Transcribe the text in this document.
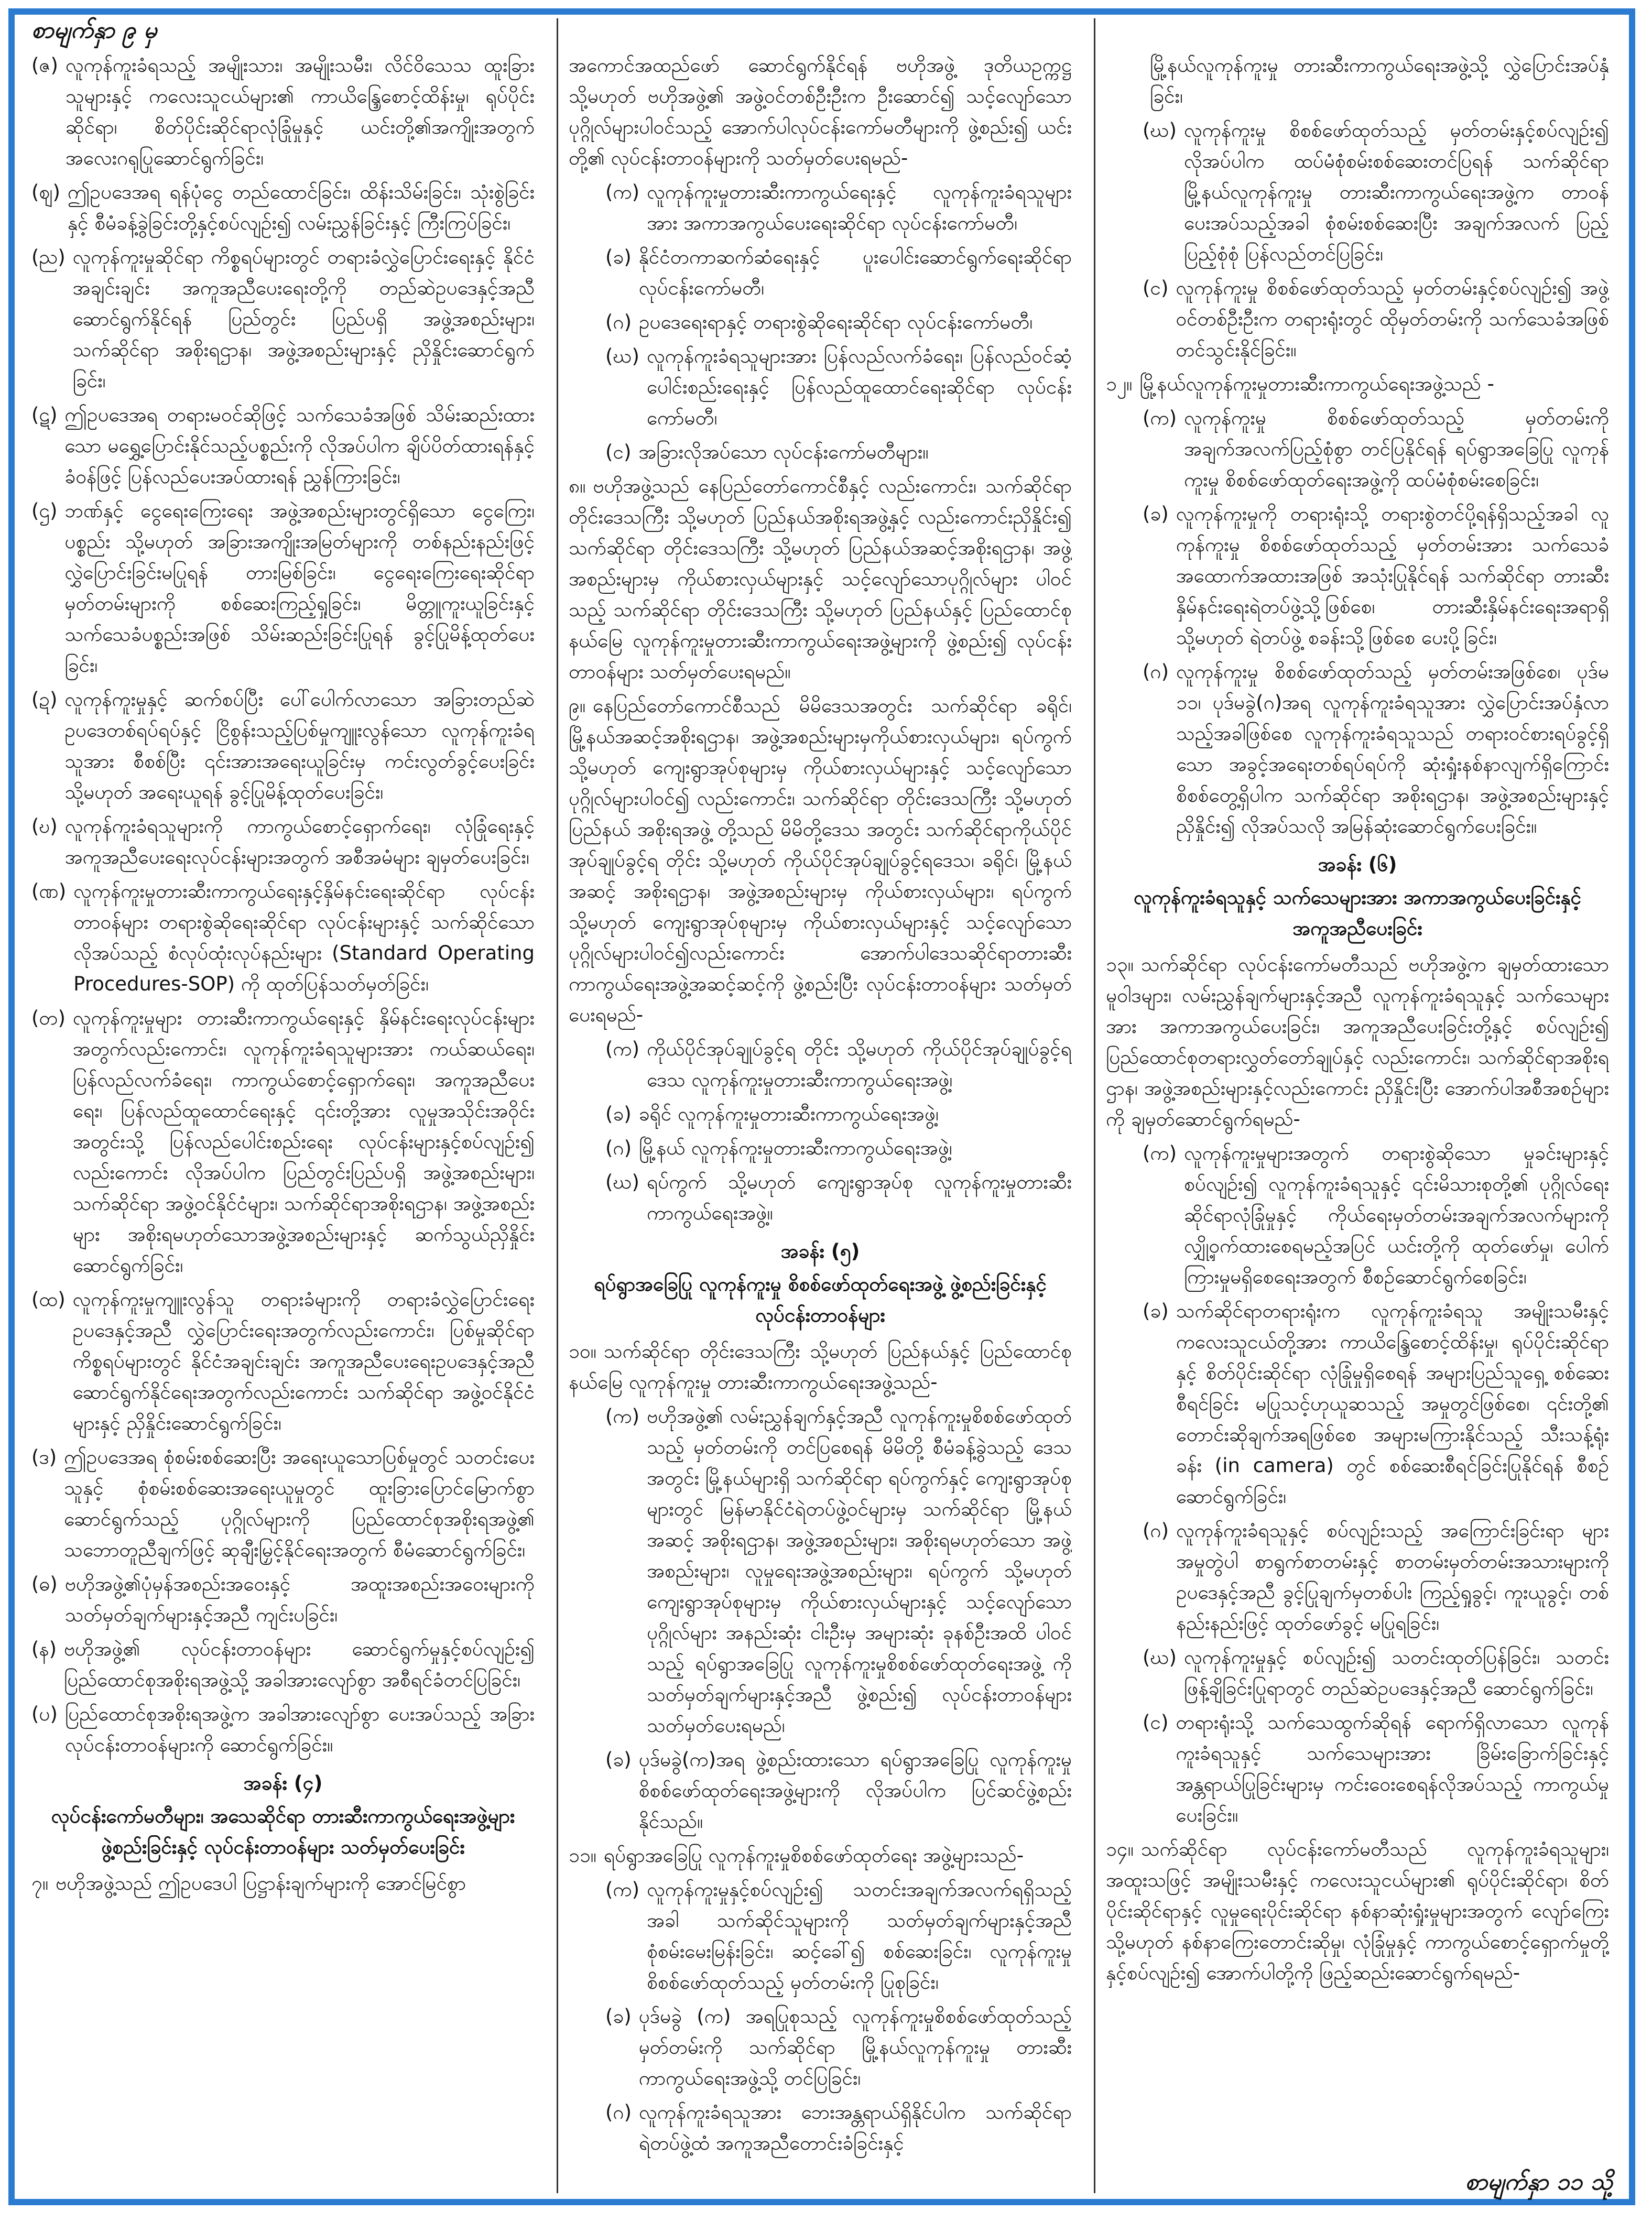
စာမျက်နှာ ၉ မှ
(ဇ) လူကုန်ကူးခံရသည့် အမျိုးသား၊ အမျိုးသမီး၊ လိင်ဝိသေသ ထူးခြားသူများနှင့် ကလေးသူငယ်များ၏ ကာယိန္ဒြေစောင့်ထိန်းမှု၊ ရုပ်ပိုင်းဆိုင်ရာ၊ စိတ်ပိုင်းဆိုင်ရာလုံခြုံမှုနှင့် ယင်းတို့၏အကျိုးအတွက် အလေးဂရုပြုဆောင်ရွက်ခြင်း၊
(ဈ) ဤဥပဒေအရ ရန်ပုံငွေ တည်ထောင်ခြင်း၊ ထိန်းသိမ်းခြင်း၊ သုံးစွဲခြင်းနှင့် စီမံခန့်ခွဲခြင်းတို့နှင့်စပ်လျဉ်း၍ လမ်းညွှန်ခြင်းနှင့် ကြီးကြပ်ခြင်း၊
(ည) လူကုန်ကူးမှုဆိုင်ရာ ကိစ္စရပ်များတွင် တရားခံလွှဲပြောင်းရေးနှင့် နိုင်ငံအချင်းချင်း အကူအညီပေးရေးတို့ကို တည်ဆဲဥပဒေနှင့်အညီ ဆောင်ရွက်နိုင်ရန် ပြည်တွင်း ပြည်ပရှိ အဖွဲ့အစည်းများ၊ သက်ဆိုင်ရာ အစိုးရဌာန၊ အဖွဲ့အစည်းများနှင့် ညှိနှိုင်းဆောင်ရွက်ခြင်း၊
(ဋ) ဤဥပဒေအရ တရားမဝင်ဆိုဖြင့် သက်သေခံအဖြစ် သိမ်းဆည်းထားသော မရွှေ့ပြောင်းနိုင်သည့်ပစ္စည်းကို လိုအပ်ပါက ချိပ်ပိတ်ထားရန်နှင့် ခံဝန်ဖြင့် ပြန်လည်ပေးအပ်ထားရန် ညွှန်ကြားခြင်း၊
(ဌ) ဘဏ်နှင့် ငွေရေးကြေးရေး အဖွဲ့အစည်းများတွင်ရှိသော ငွေကြေး၊ ပစ္စည်း သို့မဟုတ် အခြားအကျိုးအမြတ်များကို တစ်နည်းနည်းဖြင့် လွှဲပြောင်းခြင်းမပြုရန် တားမြစ်ခြင်း၊ ငွေရေးကြေးရေးဆိုင်ရာ မှတ်တမ်းများကို စစ်ဆေးကြည့်ရှုခြင်း၊ မိတ္တူကူးယူခြင်းနှင့် သက်သေခံပစ္စည်းအဖြစ် သိမ်းဆည်းခြင်းပြုရန် ခွင့်ပြုမိန့်ထုတ်ပေးခြင်း၊
(ဍ) လူကုန်ကူးမှုနှင့် ဆက်စပ်ပြီး ပေါ်ပေါက်လာသော အခြားတည်ဆဲ ဥပဒေတစ်ရပ်ရပ်နှင့် ငြိစွန်းသည့်ပြစ်မှုကျူးလွန်သော လူကုန်ကူးခံရသူအား စီစစ်ပြီး ၎င်းအားအရေးယူခြင်းမှ ကင်းလွတ်ခွင့်ပေးခြင်း သို့မဟုတ် အရေးယူရန် ခွင့်ပြုမိန့်ထုတ်ပေးခြင်း၊
(ဎ) လူကုန်ကူးခံရသူများကို ကာကွယ်စောင့်ရှောက်ရေး၊ လုံခြုံရေးနှင့် အကူအညီပေးရေးလုပ်ငန်းများအတွက် အစီအမံများ ချမှတ်ပေးခြင်း၊
(ဏ) လူကုန်ကူးမှုတားဆီးကာကွယ်ရေးနှင့်နှိမ်နင်းရေးဆိုင်ရာ လုပ်ငန်းတာဝန်များ တရားစွဲဆိုရေးဆိုင်ရာ လုပ်ငန်းများနှင့် သက်ဆိုင်သော လိုအပ်သည့် စံလုပ်ထုံးလုပ်နည်းများ (Standard Operating Procedures-SOP) ကို ထုတ်ပြန်သတ်မှတ်ခြင်း၊
(တ) လူကုန်ကူးမှုများ တားဆီးကာကွယ်ရေးနှင့် နှိမ်နင်းရေးလုပ်ငန်းများအတွက်လည်းကောင်း၊ လူကုန်ကူးခံရသူများအား ကယ်ဆယ်ရေး၊ ပြန်လည်လက်ခံရေး၊ ကာကွယ်စောင့်ရှောက်ရေး၊ အကူအညီပေးရေး၊ ပြန်လည်ထူထောင်ရေးနှင့် ၎င်းတို့အား လူမှုအသိုင်းအဝိုင်းအတွင်းသို့ ပြန်လည်ပေါင်းစည်းရေး လုပ်ငန်းများနှင့်စပ်လျဉ်း၍ လည်းကောင်း လိုအပ်ပါက ပြည်တွင်းပြည်ပရှိ အဖွဲ့အစည်းများ၊ သက်ဆိုင်ရာ အဖွဲ့ဝင်နိုင်ငံများ၊ သက်ဆိုင်ရာအစိုးရဌာန၊ အဖွဲ့အစည်းများ အစိုးရမဟုတ်သောအဖွဲ့အစည်းများနှင့် ဆက်သွယ်ညှိနှိုင်းဆောင်ရွက်ခြင်း၊
(ထ) လူကုန်ကူးမှုကျူးလွန်သူ တရားခံများကို တရားခံလွှဲပြောင်းရေးဥပဒေနှင့်အညီ လွှဲပြောင်းရေးအတွက်လည်းကောင်း၊ ပြစ်မှုဆိုင်ရာကိစ္စရပ်များတွင် နိုင်ငံအချင်းချင်း အကူအညီပေးရေးဥပဒေနှင့်အညီ ဆောင်ရွက်နိုင်ရေးအတွက်လည်းကောင်း သက်ဆိုင်ရာ အဖွဲ့ဝင်နိုင်ငံများနှင့် ညှိနှိုင်းဆောင်ရွက်ခြင်း၊
(ဒ) ဤဥပဒေအရ စုံစမ်းစစ်ဆေးပြီး အရေးယူသောပြစ်မှုတွင် သတင်းပေးသူနှင့် စုံစမ်းစစ်ဆေးအရေးယူမှုတွင် ထူးခြားပြောင်မြောက်စွာ ဆောင်ရွက်သည့် ပုဂ္ဂိုလ်များကို ပြည်ထောင်စုအစိုးရအဖွဲ့၏ သဘောတူညီချက်ဖြင့် ဆုချီးမြှင့်နိုင်ရေးအတွက် စီမံဆောင်ရွက်ခြင်း၊
(ဓ) ဗဟိုအဖွဲ့၏ပုံမှန်အစည်းအဝေးနှင့် အထူးအစည်းအဝေးများကို သတ်မှတ်ချက်များနှင့်အညီ ကျင်းပခြင်း၊
(န) ဗဟိုအဖွဲ့၏ လုပ်ငန်းတာဝန်များ ဆောင်ရွက်မှုနှင့်စပ်လျဉ်း၍ ပြည်ထောင်စုအစိုးရအဖွဲ့သို့ အခါအားလျော်စွာ အစီရင်ခံတင်ပြခြင်း၊
(ပ) ပြည်ထောင်စုအစိုးရအဖွဲ့က အခါအားလျော်စွာ ပေးအပ်သည့် အခြားလုပ်ငန်းတာဝန်များကို ဆောင်ရွက်ခြင်း။
အခန်း (၄)
လုပ်ငန်းကော်မတီများ၊ အသေဆိုင်ရာ တားဆီးကာကွယ်ရေးအဖွဲ့များ ဖွဲ့စည်းခြင်းနှင့် လုပ်ငန်းတာဝန်များ သတ်မှတ်ပေးခြင်း
၇။ ဗဟိုအဖွဲ့သည် ဤဥပဒေပါ ပြဋ္ဌာန်းချက်များကို အောင်မြင်စွာ
အကောင်အထည်ဖော် ဆောင်ရွက်နိုင်ရန် ဗဟိုအဖွဲ့ ဒုတိယဥက္ကဋ္ဌ သို့မဟုတ် ဗဟိုအဖွဲ့၏ အဖွဲ့ဝင်တစ်ဦးဦးက ဦးဆောင်၍ သင့်လျော်သော ပုဂ္ဂိုလ်များပါဝင်သည့် အောက်ပါလုပ်ငန်းကော်မတီများကို ဖွဲ့စည်း၍ ယင်းတို့၏ လုပ်ငန်းတာဝန်များကို သတ်မှတ်ပေးရမည်-
(က) လူကုန်ကူးမှုတားဆီးကာကွယ်ရေးနှင့် လူကုန်ကူးခံရသူများအား အကာအကွယ်ပေးရေးဆိုင်ရာ လုပ်ငန်းကော်မတီ၊
(ခ) နိုင်ငံတကာဆက်ဆံရေးနှင့် ပူးပေါင်းဆောင်ရွက်ရေးဆိုင်ရာ လုပ်ငန်းကော်မတီ၊
(ဂ) ဥပဒေရေးရာနှင့် တရားစွဲဆိုရေးဆိုင်ရာ လုပ်ငန်းကော်မတီ၊
(ဃ) လူကုန်ကူးခံရသူများအား ပြန်လည်လက်ခံရေး၊ ပြန်လည်ဝင်ဆံ့ပေါင်းစည်းရေးနှင့် ပြန်လည်ထူထောင်ရေးဆိုင်ရာ လုပ်ငန်းကော်မတီ၊
(င) အခြားလိုအပ်သော လုပ်ငန်းကော်မတီများ။
၈။ ဗဟိုအဖွဲ့သည် နေပြည်တော်ကောင်စီနှင့် လည်းကောင်း၊ သက်ဆိုင်ရာ တိုင်းဒေသကြီး သို့မဟုတ် ပြည်နယ်အစိုးရအဖွဲ့နှင့် လည်းကောင်းညှိနှိုင်း၍ သက်ဆိုင်ရာ တိုင်းဒေသကြီး သို့မဟုတ် ပြည်နယ်အဆင့်အစိုးရဌာန၊ အဖွဲ့အစည်းများမှ ကိုယ်စားလှယ်များနှင့် သင့်လျော်သောပုဂ္ဂိုလ်များ ပါဝင်သည့် သက်ဆိုင်ရာ တိုင်းဒေသကြီး သို့မဟုတ် ပြည်နယ်နှင့် ပြည်ထောင်စုနယ်မြေ လူကုန်ကူးမှုတားဆီးကာကွယ်ရေးအဖွဲ့များကို ဖွဲ့စည်း၍ လုပ်ငန်းတာဝန်များ သတ်မှတ်ပေးရမည်။
၉။ နေပြည်တော်ကောင်စီသည် မိမိဒေသအတွင်း သက်ဆိုင်ရာ ခရိုင်၊ မြို့နယ်အဆင့်အစိုးရဌာန၊ အဖွဲ့အစည်းများမှကိုယ်စားလှယ်များ၊ ရပ်ကွက် သို့မဟုတ် ကျေးရွာအုပ်စုများမှ ကိုယ်စားလှယ်များနှင့် သင့်လျော်သော ပုဂ္ဂိုလ်များပါဝင်၍ လည်းကောင်း၊ သက်ဆိုင်ရာ တိုင်းဒေသကြီး သို့မဟုတ် ပြည်နယ် အစိုးရအဖွဲ့ တို့သည် မိမိတို့ဒေသ အတွင်း သက်ဆိုင်ရာကိုယ်ပိုင်အုပ်ချုပ်ခွင့်ရ တိုင်း သို့မဟုတ် ကိုယ်ပိုင်အုပ်ချုပ်ခွင့်ရဒေသ၊ ခရိုင်၊ မြို့နယ်အဆင့် အစိုးရဌာန၊ အဖွဲ့အစည်းများမှ ကိုယ်စားလှယ်များ၊ ရပ်ကွက် သို့မဟုတ် ကျေးရွာအုပ်စုများမှ ကိုယ်စားလှယ်များနှင့် သင့်လျော်သောပုဂ္ဂိုလ်များပါဝင်၍လည်းကောင်း အောက်ပါဒေသဆိုင်ရာတားဆီးကာကွယ်ရေးအဖွဲ့အဆင့်ဆင့်ကို ဖွဲ့စည်းပြီး လုပ်ငန်းတာဝန်များ သတ်မှတ်ပေးရမည်-
(က) ကိုယ်ပိုင်အုပ်ချုပ်ခွင့်ရ တိုင်း သို့မဟုတ် ကိုယ်ပိုင်အုပ်ချုပ်ခွင့်ရဒေသ လူကုန်ကူးမှုတားဆီးကာကွယ်ရေးအဖွဲ့၊
(ခ) ခရိုင် လူကုန်ကူးမှုတားဆီးကာကွယ်ရေးအဖွဲ့၊
(ဂ) မြို့နယ် လူကုန်ကူးမှုတားဆီးကာကွယ်ရေးအဖွဲ့၊
(ဃ) ရပ်ကွက် သို့မဟုတ် ကျေးရွာအုပ်စု လူကုန်ကူးမှုတားဆီးကာကွယ်ရေးအဖွဲ့။
အခန်း (၅)
ရပ်ရွာအခြေပြု လူကုန်ကူးမှု စိစစ်ဖော်ထုတ်ရေးအဖွဲ့ ဖွဲ့စည်းခြင်းနှင့် လုပ်ငန်းတာဝန်များ
၁၀။ သက်ဆိုင်ရာ တိုင်းဒေသကြီး သို့မဟုတ် ပြည်နယ်နှင့် ပြည်ထောင်စုနယ်မြေ လူကုန်ကူးမှု တားဆီးကာကွယ်ရေးအဖွဲ့သည်-
(က) ဗဟိုအဖွဲ့၏ လမ်းညွှန်ချက်နှင့်အညီ လူကုန်ကူးမှုစိစစ်ဖော်ထုတ်သည့် မှတ်တမ်းကို တင်ပြစေရန် မိမိတို့ စီမံခန့်ခွဲသည့် ဒေသအတွင်း မြို့နယ်များရှိ သက်ဆိုင်ရာ ရပ်ကွက်နှင့် ကျေးရွာအုပ်စုများတွင် မြန်မာနိုင်ငံရဲတပ်ဖွဲ့ဝင်များမှ သက်ဆိုင်ရာ မြို့နယ်အဆင့် အစိုးရဌာန၊ အဖွဲ့အစည်းများ၊ အစိုးရမဟုတ်သော အဖွဲ့အစည်းများ၊ လူမှုရေးအဖွဲ့အစည်းများ၊ ရပ်ကွက် သို့မဟုတ် ကျေးရွာအုပ်စုများမှ ကိုယ်စားလှယ်များနှင့် သင့်လျော်သော ပုဂ္ဂိုလ်များ အနည်းဆုံး ငါးဦးမှ အများဆုံး ခုနစ်ဦးအထိ ပါဝင်သည့် ရပ်ရွာအခြေပြု လူကုန်ကူးမှုစိစစ်ဖော်ထုတ်ရေးအဖွဲ့ ကို သတ်မှတ်ချက်များနှင့်အညီ ဖွဲ့စည်း၍ လုပ်ငန်းတာဝန်များ သတ်မှတ်ပေးရမည်၊
(ခ) ပုဒ်မခွဲ(က)အရ ဖွဲ့စည်းထားသော ရပ်ရွာအခြေပြု လူကုန်ကူးမှု စိစစ်ဖော်ထုတ်ရေးအဖွဲ့များကို လိုအပ်ပါက ပြင်ဆင်ဖွဲ့စည်းနိုင်သည်။
၁၁။ ရပ်ရွာအခြေပြု လူကုန်ကူးမှုစိစစ်ဖော်ထုတ်ရေး အဖွဲ့များသည်-
(က) လူကုန်ကူးမှုနှင့်စပ်လျဉ်း၍ သတင်းအချက်အလက်ရရှိသည့်အခါ သက်ဆိုင်သူများကို သတ်မှတ်ချက်များနှင့်အညီ စုံစမ်းမေးမြန်းခြင်း၊ ဆင့်ခေါ်၍ စစ်ဆေးခြင်း၊ လူကုန်ကူးမှု စိစစ်ဖော်ထုတ်သည့် မှတ်တမ်းကို ပြုစုခြင်း၊
(ခ) ပုဒ်မခွဲ (က) အရပြုစုသည့် လူကုန်ကူးမှုစိစစ်ဖော်ထုတ်သည့် မှတ်တမ်းကို သက်ဆိုင်ရာ မြို့နယ်လူကုန်ကူးမှု တားဆီးကာကွယ်ရေးအဖွဲ့သို့ တင်ပြခြင်း၊
(ဂ) လူကုန်ကူးခံရသူအား ဘေးအန္တရာယ်ရှိနိုင်ပါက သက်ဆိုင်ရာရဲတပ်ဖွဲ့ထံ အကူအညီတောင်းခံခြင်းနှင့်
မြို့နယ်လူကုန်ကူးမှု တားဆီးကာကွယ်ရေးအဖွဲ့သို့ လွှဲပြောင်းအပ်နှံခြင်း၊
(ဃ) လူကုန်ကူးမှု စိစစ်ဖော်ထုတ်သည့် မှတ်တမ်းနှင့်စပ်လျဉ်း၍ လိုအပ်ပါက ထပ်မံစုံစမ်းစစ်ဆေးတင်ပြရန် သက်ဆိုင်ရာ မြို့နယ်လူကုန်ကူးမှု တားဆီးကာကွယ်ရေးအဖွဲ့က တာဝန်ပေးအပ်သည့်အခါ စုံစမ်းစစ်ဆေးပြီး အချက်အလက် ပြည့်ပြည့်စုံစုံ ပြန်လည်တင်ပြခြင်း၊
(င) လူကုန်ကူးမှု စိစစ်ဖော်ထုတ်သည့် မှတ်တမ်းနှင့်စပ်လျဉ်း၍ အဖွဲ့ဝင်တစ်ဦးဦးက တရားရုံးတွင် ထိုမှတ်တမ်းကို သက်သေခံအဖြစ် တင်သွင်းနိုင်ခြင်း။
၁၂။ မြို့နယ်လူကုန်ကူးမှုတားဆီးကာကွယ်ရေးအဖွဲ့သည် -
(က) လူကုန်ကူးမှု စိစစ်ဖော်ထုတ်သည့် မှတ်တမ်းကို အချက်အလက်ပြည့်စုံစွာ တင်ပြနိုင်ရန် ရပ်ရွာအခြေပြု လူကုန်ကူးမှု စိစစ်ဖော်ထုတ်ရေးအဖွဲ့ကို ထပ်မံစုံစမ်းစေခြင်း၊
(ခ) လူကုန်ကူးမှုကို တရားရုံးသို့ တရားစွဲတင်ပို့ရန်ရှိသည့်အခါ လူကုန်ကူးမှု စိစစ်ဖော်ထုတ်သည့် မှတ်တမ်းအား သက်သေခံအထောက်အထားအဖြစ် အသုံးပြုနိုင်ရန် သက်ဆိုင်ရာ တားဆီးနှိမ်နင်းရေးရဲတပ်ဖွဲ့သို့ဖြစ်စေ၊ တားဆီးနှိမ်နင်းရေးအရာရှိ သို့မဟုတ် ရဲတပ်ဖွဲ့ စခန်းသို့ဖြစ်စေ ပေးပို့ခြင်း၊
(ဂ) လူကုန်ကူးမှု စိစစ်ဖော်ထုတ်သည့် မှတ်တမ်းအဖြစ်စေ၊ ပုဒ်မ ၁၁၊ ပုဒ်မခွဲ(ဂ)အရ လူကုန်ကူးခံရသူအား လွှဲပြောင်းအပ်နှံလာသည့်အခါဖြစ်စေ လူကုန်ကူးခံရသူသည် တရားဝင်စားရပ်ခွင့်ရှိသော အခွင့်အရေးတစ်ရပ်ရပ်ကို ဆုံးရှုံးနစ်နာလျက်ရှိကြောင်း စိစစ်တွေ့ရှိပါက သက်ဆိုင်ရာ အစိုးရဌာန၊ အဖွဲ့အစည်းများနှင့်ညှိနှိုင်း၍ လိုအပ်သလို အမြန်ဆုံးဆောင်ရွက်ပေးခြင်း။
အခန်း (၆)
လူကုန်ကူးခံရသူနှင့် သက်သေများအား အကာအကွယ်ပေးခြင်းနှင့် အကူအညီပေးခြင်း
၁၃။ သက်ဆိုင်ရာ လုပ်ငန်းကော်မတီသည် ဗဟိုအဖွဲ့က ချမှတ်ထားသော မူဝါဒများ၊ လမ်းညွှန်ချက်များနှင့်အညီ လူကုန်ကူးခံရသူနှင့် သက်သေများအား အကာအကွယ်ပေးခြင်း၊ အကူအညီပေးခြင်းတို့နှင့် စပ်လျဉ်း၍ ပြည်ထောင်စုတရားလွှတ်တော်ချုပ်နှင့် လည်းကောင်း၊ သက်ဆိုင်ရာအစိုးရဌာန၊ အဖွဲ့အစည်းများနှင့်လည်းကောင်း ညှိနှိုင်းပြီး အောက်ပါအစီအစဉ်များကို ချမှတ်ဆောင်ရွက်ရမည်-
(က) လူကုန်ကူးမှုများအတွက် တရားစွဲဆိုသော မှုခင်းများနှင့် စပ်လျဉ်း၍ လူကုန်ကူးခံရသူနှင့် ၎င်းမိသားစုတို့၏ ပုဂ္ဂိုလ်ရေးဆိုင်ရာလုံခြုံမှုနှင့် ကိုယ်ရေးမှတ်တမ်းအချက်အလက်များကို လျှို့ဝှက်ထားစေရမည့်အပြင် ယင်းတို့ကို ထုတ်ဖော်မှု၊ ပေါက်ကြားမှုမရှိစေရေးအတွက် စီစဉ်ဆောင်ရွက်စေခြင်း၊
(ခ) သက်ဆိုင်ရာတရားရုံးက လူကုန်ကူးခံရသူ အမျိုးသမီးနှင့် ကလေးသူငယ်တို့အား ကာယိန္ဒြေစောင့်ထိန်းမှု၊ ရုပ်ပိုင်းဆိုင်ရာနှင့် စိတ်ပိုင်းဆိုင်ရာ လုံခြုံမှုရှိစေရန် အများပြည်သူရှေ့ စစ်ဆေးစီရင်ခြင်း မပြုသင့်ဟုယူဆသည့် အမှုတွင်ဖြစ်စေ၊ ၎င်းတို့၏ တောင်းဆိုချက်အရဖြစ်စေ အများမကြားနိုင်သည့် သီးသန့်ရုံးခန်း (in camera) တွင် စစ်ဆေးစီရင်ခြင်းပြုနိုင်ရန် စီစဉ်ဆောင်ရွက်ခြင်း၊
(ဂ) လူကုန်ကူးခံရသူနှင့် စပ်လျဉ်းသည့် အကြောင်းခြင်းရာ များ အမှုတွဲပါ စာရွက်စာတမ်းနှင့် စာတမ်းမှတ်တမ်းအသားများကို ဥပဒေနှင့်အညီ ခွင့်ပြုချက်မှတစ်ပါး ကြည့်ရှုခွင့်၊ ကူးယူခွင့်၊ တစ်နည်းနည်းဖြင့် ထုတ်ဖော်ခွင့် မပြုရခြင်း၊
(ဃ) လူကုန်ကူးမှုနှင့် စပ်လျဉ်း၍ သတင်းထုတ်ပြန်ခြင်း၊ သတင်းဖြန့်ချိခြင်းပြုရာတွင် တည်ဆဲဥပဒေနှင့်အညီ ဆောင်ရွက်ခြင်း၊
(င) တရားရုံးသို့ သက်သေထွက်ဆိုရန် ရောက်ရှိလာသော လူကုန်ကူးခံရသူနှင့် သက်သေများအား ခြိမ်းခြောက်ခြင်းနှင့် အန္တရာယ်ပြုခြင်းများမှ ကင်းဝေးစေရန်လိုအပ်သည့် ကာကွယ်မှုပေးခြင်း။
၁၄။ သက်ဆိုင်ရာ လုပ်ငန်းကော်မတီသည် လူကုန်ကူးခံရသူများ၊ အထူးသဖြင့် အမျိုးသမီးနှင့် ကလေးသူငယ်များ၏ ရုပ်ပိုင်းဆိုင်ရာ၊ စိတ်ပိုင်းဆိုင်ရာနှင့် လူမှုရေးပိုင်းဆိုင်ရာ နစ်နာဆုံးရှုံးမှုများအတွက် လျော်ကြေး သို့မဟုတ် နစ်နာကြေးတောင်းဆိုမှု၊ လုံခြုံမှုနှင့် ကာကွယ်စောင့်ရှောက်မှုတို့နှင့်စပ်လျဉ်း၍ အောက်ပါတို့ကို ဖြည့်ဆည်းဆောင်ရွက်ရမည်-
စာမျက်နှာ ၁၁ သို့
